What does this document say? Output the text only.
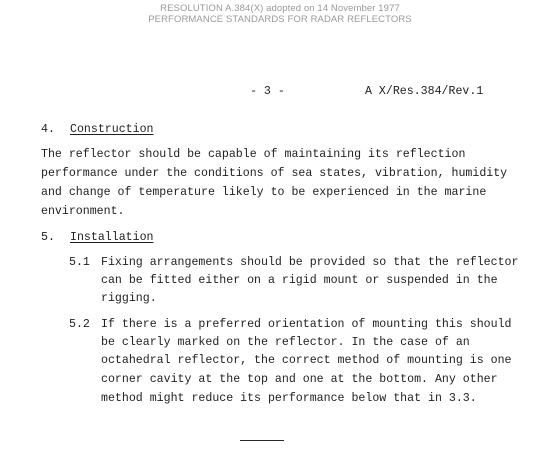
RESOLUTION A.384(X) adopted on 14 November 1977
PERFORMANCE STANDARDS FOR RADAR REFLECTORS
- 3 -	A X/Res.384/Rev.1
4. Construction
The reflector should be capable of maintaining its reflection
performance under the conditions of sea states, vibration, humidity
and change of temperature likely to be experienced in the marine
environment.
5. Installation
5.1 Fixing arrangements should be provided so that the reflector
can be fitted either on a rigid mount or suspended in the
rigging.
5.2 If there is a preferred orientation of mounting this should
be clearly marked on the reflector. In the case of an
octahedral reflector, the correct method of mounting is one
corner cavity at the top and one at the bottom. Any other
method might reduce its performance below that in 3.3.
